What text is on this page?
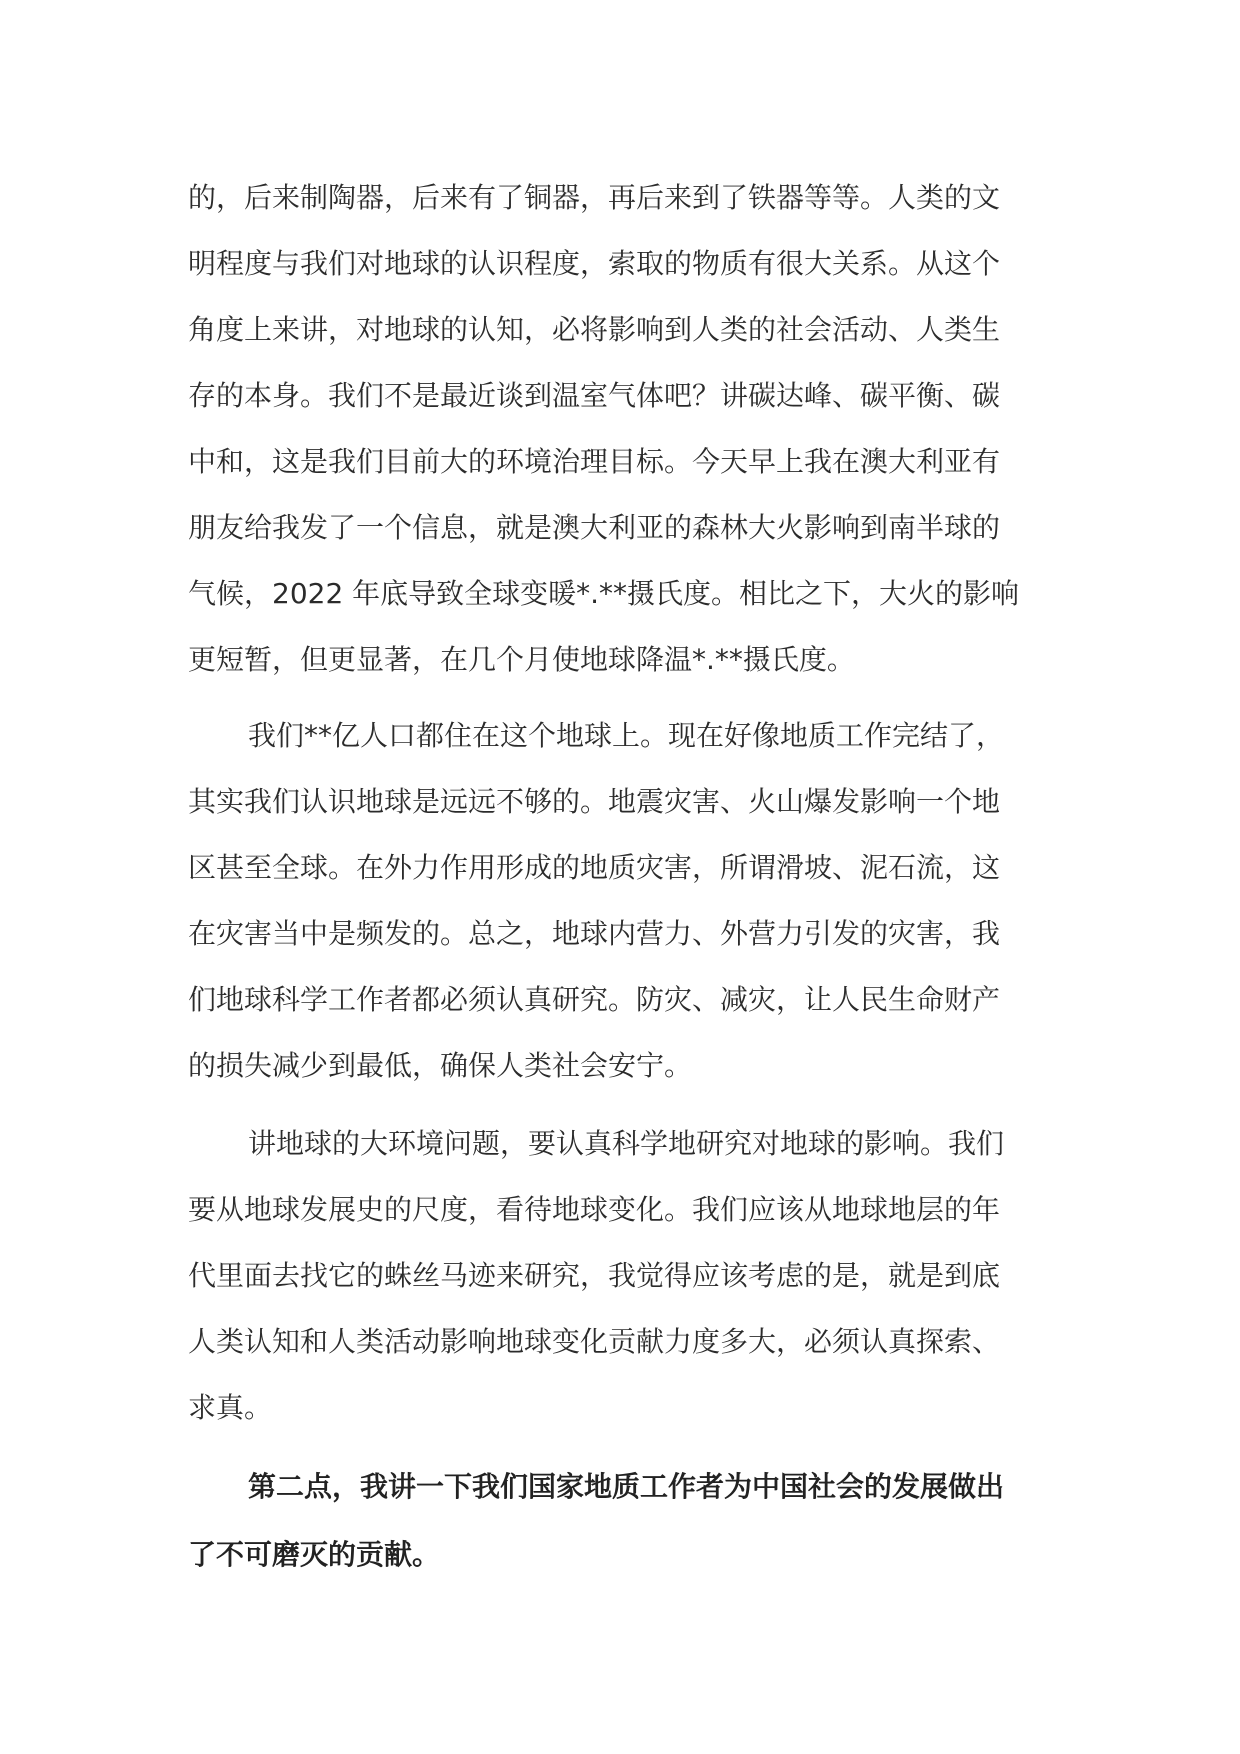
的，后来制陶器，后来有了铜器，再后来到了铁器等等。人类的文
明程度与我们对地球的认识程度，索取的物质有很大关系。从这个
角度上来讲，对地球的认知，必将影响到人类的社会活动、人类生
存的本身。我们不是最近谈到温室气体吧？讲碳达峰、碳平衡、碳
中和，这是我们目前大的环境治理目标。今天早上我在澳大利亚有
朋友给我发了一个信息，就是澳大利亚的森林大火影响到南半球的
气候，2022 年底导致全球变暖*.**摄氏度。相比之下，大火的影响
更短暂，但更显著，在几个月使地球降温*.**摄氏度。

我们**亿人口都住在这个地球上。现在好像地质工作完结了，
其实我们认识地球是远远不够的。地震灾害、火山爆发影响一个地
区甚至全球。在外力作用形成的地质灾害，所谓滑坡、泥石流，这
在灾害当中是频发的。总之，地球内营力、外营力引发的灾害，我
们地球科学工作者都必须认真研究。防灾、减灾，让人民生命财产
的损失减少到最低，确保人类社会安宁。

讲地球的大环境问题，要认真科学地研究对地球的影响。我们
要从地球发展史的尺度，看待地球变化。我们应该从地球地层的年
代里面去找它的蛛丝马迹来研究，我觉得应该考虑的是，就是到底
人类认知和人类活动影响地球变化贡献力度多大，必须认真探索、
求真。

第二点，我讲一下我们国家地质工作者为中国社会的发展做出
了不可磨灭的贡献。
